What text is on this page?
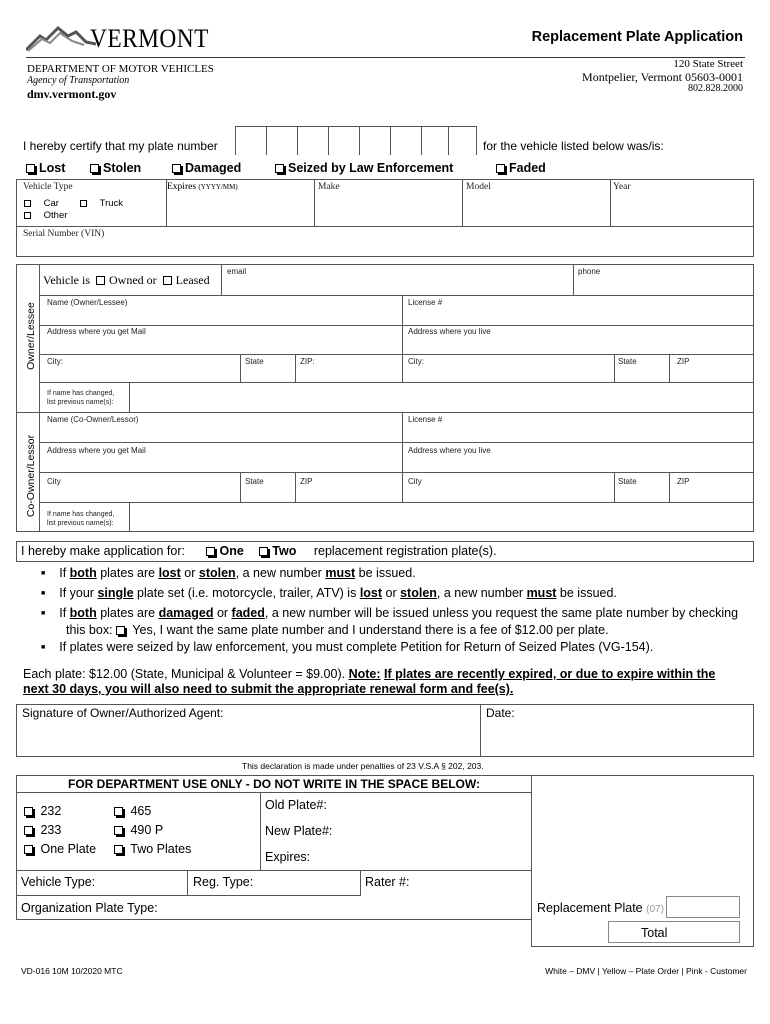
VERMONT	Replacement Plate Application
DEPARTMENT OF MOTOR VEHICLES
Agency of Transportation
dmv.vermont.gov
120 State Street
Montpelier, Vermont 05603-0001
802.828.2000
I hereby certify that my plate number	for the vehicle listed below was/is:
Lost	Stolen	Damaged	Seized by Law Enforcement	Faded
Vehicle Type	Expires (YYYY/MM)	Make	Model	Year
Car	Truck
Other
Serial Number (VIN)
Owner/Lessee
Co-Owner/Lessor
Vehicle is Owned or Leased
email	phone
Name (Owner/Lessee)	License #
Address where you get Mail	Address where you live
City:	State	ZIP:	City:	State	ZIP
If name has changed,
list previous name(s):
Name (Co-Owner/Lessor)	License #
Address where you get Mail	Address where you live
City	State	ZIP	City	State	ZIP
If name has changed,
list previous name(s):
I hereby make application for:	One Two replacement registration plate(s).
■ If both plates are lost or stolen, a new number must be issued.
■ If your single plate set (i.e. motorcycle, trailer, ATV) is lost or stolen, a new number must be issued.
■ If both plates are damaged or faded, a new number will be issued unless you request the same plate number by checking
this box: Yes, I want the same plate number and I understand there is a fee of $12.00 per plate.
■ If plates were seized by law enforcement, you must complete Petition for Return of Seized Plates (VG-154).
Each plate: $12.00 (State, Municipal & Volunteer = $9.00). Note: If plates are recently expired, or due to expire within the
next 30 days, you will also need to submit the appropriate renewal form and fee(s).
Signature of Owner/Authorized Agent:	Date:
This declaration is made under penalties of 23 V.S.A § 202, 203.
FOR DEPARTMENT USE ONLY - DO NOT WRITE IN THE SPACE BELOW:
232	465
233	490 P
One Plate	Two Plates
Old Plate#:
New Plate#:
Expires:
Vehicle Type:	Reg. Type:	Rater #:
Organization Plate Type:	Replacement Plate (07)
Total
VD-016 10M 10/2020 MTC	White – DMV | Yellow – Plate Order | Pink - Customer
